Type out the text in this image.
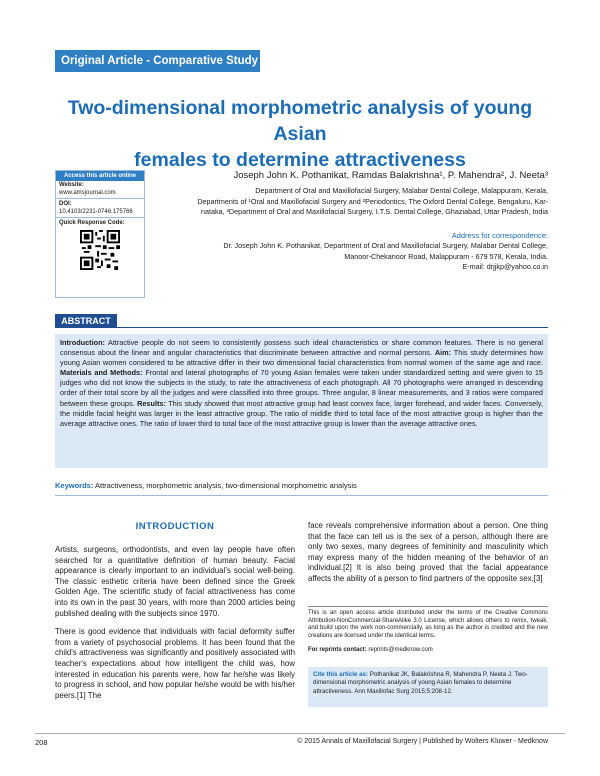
Original Article - Comparative Study
Two-dimensional morphometric analysis of young Asian
females to determine attractiveness
Access this article online
Website:
www.amsjournal.com
DOI:
10.4103/2231-0746.175766
Quick Response Code:
Joseph John K. Pothanikat, Ramdas Balakrishna¹, P. Mahendra², J. Neeta³
Department of Oral and Maxillofacial Surgery, Malabar Dental College, Malappuram, Kerala,
Departments of ¹Oral and Maxillofacial Surgery and ²Periodontics, The Oxford Dental College, Bengaluru, Kar-
nataka, ³Department of Oral and Maxillofacial Surgery, I.T.S. Dental College, Ghaziabad, Uttar Pradesh, India
Address for correspondence:
Dr. Joseph John K. Pothanikat, Department of Oral and Maxillofacial Surgery, Malabar Dental College,
Manoor-Chekanoor Road, Malappuram - 679 578, Kerala, India.
E-mail: drjjkp@yahoo.co.in
ABSTRACT
Introduction: Attractive people do not seem to consistently possess such ideal characteristics or share common features. There is no general consensus about the linear and angular characteristics that discriminate between attractive and normal persons. Aim: This study determines how young Asian women considered to be attractive differ in their two dimensional facial characteristics from normal women of the same age and race. Materials and Methods: Frontal and lateral photographs of 70 young Asian females were taken under standardized setting and were given to 15 judges who did not know the subjects in the study, to rate the attractiveness of each photograph. All 70 photographs were arranged in descending order of their total score by all the judges and were classified into three groups. Three angular, 8 linear measurements, and 3 ratios were compared between these groups. Results: This study showed that most attractive group had least convex face, larger forehead, and wider faces. Conversely, the middle facial height was larger in the least attractive group. The ratio of middle third to total face of the most attractive group is higher than the average attractive ones. The ratio of lower third to total face of the most attractive group is lower than the average attractive ones.
Keywords: Attractiveness, morphometric analysis, two-dimensional morphometric analysis
INTRODUCTION

Artists, surgeons, orthodontists, and even lay people have often searched for a quantitative definition of human beauty. Facial appearance is clearly important to an individual's social well-being. The classic esthetic criteria have been defined since the Greek Golden Age. The scientific study of facial attractiveness has come into its own in the past 30 years, with more than 2000 articles being published dealing with the subjects since 1970.

There is good evidence that individuals with facial deformity suffer from a variety of psychosocial problems. It has been found that the child's attractiveness was significantly and positively associated with teacher's expectations about how intelligent the child was, how interested in education his parents were, how far he/she was likely to progress in school, and how popular he/she would be with his/her peers.[1] The

face reveals comprehensive information about a person. One thing that the face can tell us is the sex of a person, although there are only two sexes, many degrees of femininity and masculinity which may express many of the hidden meaning of the behavior of an individual.[2] It is also being proved that the facial appearance affects the ability of a person to find partners of the opposite sex.[3]

This is an open access article distributed under the terms of the Creative Commons Attribution-NonCommercial-ShareAlike 3.0 License, which allows others to remix, tweak, and build upon the work non-commercially, as long as the author is credited and the new creations are licensed under the identical terms.
For reprints contact: reprints@medknow.com
Cite this article as: Pothanikat JK, Balakrishna R, Mahendra P, Neeta J. Two-dimensional morphometric analysis of young Asian females to determine attractiveness. Ann Maxillofac Surg 2015;5:208-12.
208	© 2015 Annals of Maxillofacial Surgery | Published by Wolters Kluwer - Medknow
